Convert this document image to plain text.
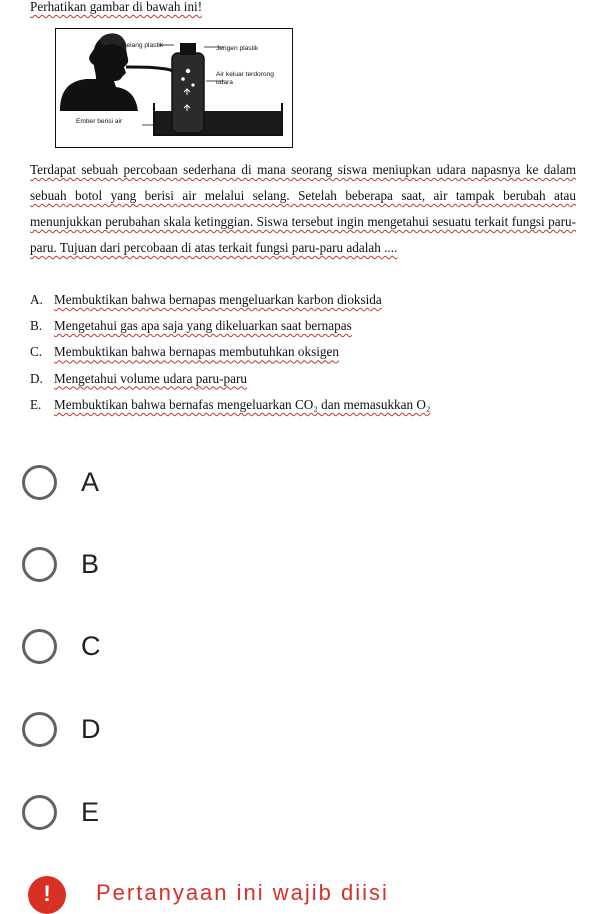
Perhatikan gambar di bawah ini!
Selang plastik	Jerigen plastik
Air keluar terdorong
udara
Ember berisi air
Terdapat sebuah percobaan sederhana di mana seorang siswa meniupkan udara napasnya ke dalam sebuah botol yang berisi air melalui selang. Setelah beberapa saat, air tampak berubah atau menunjukkan perubahan skala ketinggian. Siswa tersebut ingin mengetahui sesuatu terkait fungsi paru-paru. Tujuan dari percobaan di atas terkait fungsi paru-paru adalah ....
A. Membuktikan bahwa bernapas mengeluarkan karbon dioksida
B. Mengetahui gas apa saja yang dikeluarkan saat bernapas
C. Membuktikan bahwa bernapas membutuhkan oksigen
D. Mengetahui volume udara paru-paru
E. Membuktikan bahwa bernafas mengeluarkan CO₂ dan memasukkan O₂
A
B
C
D
E
!	Pertanyaan ini wajib diisi
